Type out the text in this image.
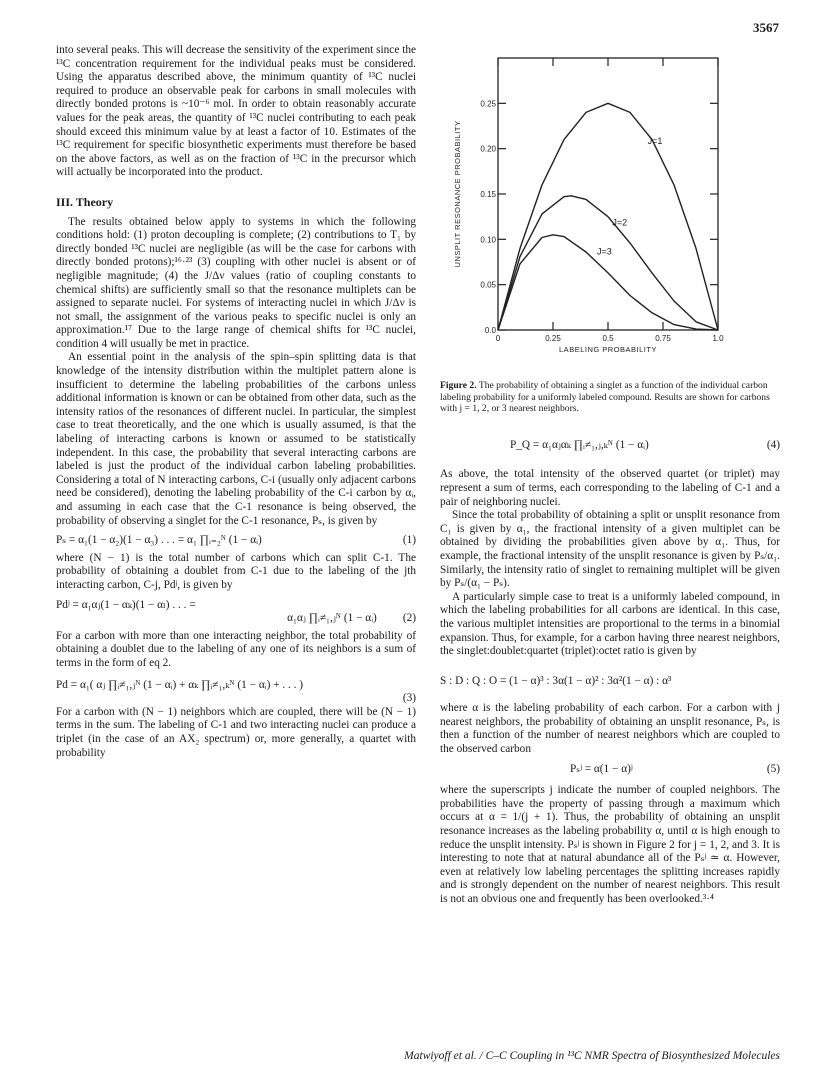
3567

into several peaks. This will decrease the sensitivity of the experiment since the ¹³C concentration requirement for the individual peaks must be considered. Using the apparatus described above, the minimum quantity of ¹³C nuclei required to produce an observable peak for carbons in small molecules with directly bonded protons is ~10⁻⁶ mol. In order to obtain reasonably accurate values for the peak areas, the quantity of ¹³C nuclei contributing to each peak should exceed this minimum value by at least a factor of 10. Estimates of the ¹³C requirement for specific biosynthetic experiments must therefore be based on the above factors, as well as on the fraction of ¹³C in the precursor which will actually be incorporated into the product.

III. Theory

The results obtained below apply to systems in which the following conditions hold: (1) proton decoupling is complete; (2) contributions to T₁ by directly bonded ¹³C nuclei are negligible (as will be the case for carbons with directly bonded protons);¹⁶·²³ (3) coupling with other nuclei is absent or of negligible magnitude; (4) the J/Δν values (ratio of coupling constants to chemical shifts) are sufficiently small so that the resonance multiplets can be assigned to separate nuclei. For systems of interacting nuclei in which J/Δν is not small, the assignment of the various peaks to specific nuclei is only an approximation.¹⁷ Due to the large range of chemical shifts for ¹³C nuclei, condition 4 will usually be met in practice.

An essential point in the analysis of the spin–spin splitting data is that knowledge of the intensity distribution within the multiplet pattern alone is insufficient to determine the labeling probabilities of the carbons unless additional information is known or can be obtained from other data, such as the intensity ratios of the resonances of different nuclei. In particular, the simplest case to treat theoretically, and the one which is usually assumed, is that the labeling of interacting carbons is known or assumed to be statistically independent. In this case, the probability that several interacting carbons are labeled is just the product of the individual carbon labeling probabilities. Considering a total of N interacting carbons, C-i (usually only adjacent carbons need be considered), denoting the labeling probability of the C-i carbon by αᵢ, and assuming in each case that the C-1 resonance is being observed, the probability of observing a singlet for the C-1 resonance, Pₛ, is given by

Pₛ = α₁(1 − α₂)(1 − α₃) . . . = α₁ ∏ᵢ₌₂ᴺ (1 − αᵢ)	(1)

where (N − 1) is the total number of carbons which can split C-1. The probability of obtaining a doublet from C-1 due to the labeling of the jth interacting carbon, C-j, Pdʲ, is given by

Pdʲ = α₁αⱼ(1 − αₖ)(1 − αₗ) . . . =
α₁αⱼ ∏ᵢ≠₁,ⱼᴺ (1 − αᵢ)	(2)

For a carbon with more than one interacting neighbor, the total probability of obtaining a doublet due to the labeling of any one of its neighbors is a sum of terms in the form of eq 2.

Pd = α₁( αⱼ ∏ᵢ≠₁,ⱼᴺ (1 − αᵢ) + αₖ ∏ᵢ≠₁,ₖᴺ (1 − αᵢ) + . . . )
(3)

For a carbon with (N − 1) neighbors which are coupled, there will be (N − 1) terms in the sum. The labeling of C-1 and two interacting nuclei can produce a triplet (in the case of an AX₂ spectrum) or, more generally, a quartet with probability

0	0.25	0.5	0.75	1.0
0.0
0.05
0.10
0.15
0.20
0.25
LABELING PROBABILITY
UNSPLIT RESONANCE PROBABILITY	J=1
J=2
J=3

Figure 2. The probability of obtaining a singlet as a function of the individual carbon labeling probability for a uniformly labeled compound. Results are shown for carbons with j = 1, 2, or 3 nearest neighbors.

P_Q = α₁αⱼαₖ ∏ᵢ≠₁,ⱼ,ₖᴺ (1 − αᵢ)	(4)

As above, the total intensity of the observed quartet (or triplet) may represent a sum of terms, each corresponding to the labeling of C-1 and a pair of neighboring nuclei.

Since the total probability of obtaining a split or unsplit resonance from C₁ is given by α₁, the fractional intensity of a given multiplet can be obtained by dividing the probabilities given above by α₁. Thus, for example, the fractional intensity of the unsplit resonance is given by Pₛ/α₁. Similarly, the intensity ratio of singlet to remaining multiplet will be given by Pₛ/(α₁ − Pₛ).

A particularly simple case to treat is a uniformly labeled compound, in which the labeling probabilities for all carbons are identical. In this case, the various multiplet intensities are proportional to the terms in a binomial expansion. Thus, for example, for a carbon having three nearest neighbors, the singlet:doublet:quartet (triplet):octet ratio is given by

S : D : Q : O = (1 − α)³ : 3α(1 − α)² : 3α²(1 − α) : α³

where α is the labeling probability of each carbon. For a carbon with j nearest neighbors, the probability of obtaining an unsplit resonance, Pₛ, is then a function of the number of nearest neighbors which are coupled to the observed carbon

Pₛʲ = α(1 − α)ʲ	(5)

where the superscripts j indicate the number of coupled neighbors. The probabilities have the property of passing through a maximum which occurs at α = 1/(j + 1). Thus, the probability of obtaining an unsplit resonance increases as the labeling probability α, until α is high enough to reduce the unsplit intensity. Pₛʲ is shown in Figure 2 for j = 1, 2, and 3. It is interesting to note that at natural abundance all of the Pₛʲ ≃ α. However, even at relatively low labeling percentages the splitting increases rapidly and is strongly dependent on the number of nearest neighbors. This result is not an obvious one and frequently has been overlooked.³·⁴

Matwiyoff et al. / C–C Coupling in ¹³C NMR Spectra of Biosynthesized Molecules
